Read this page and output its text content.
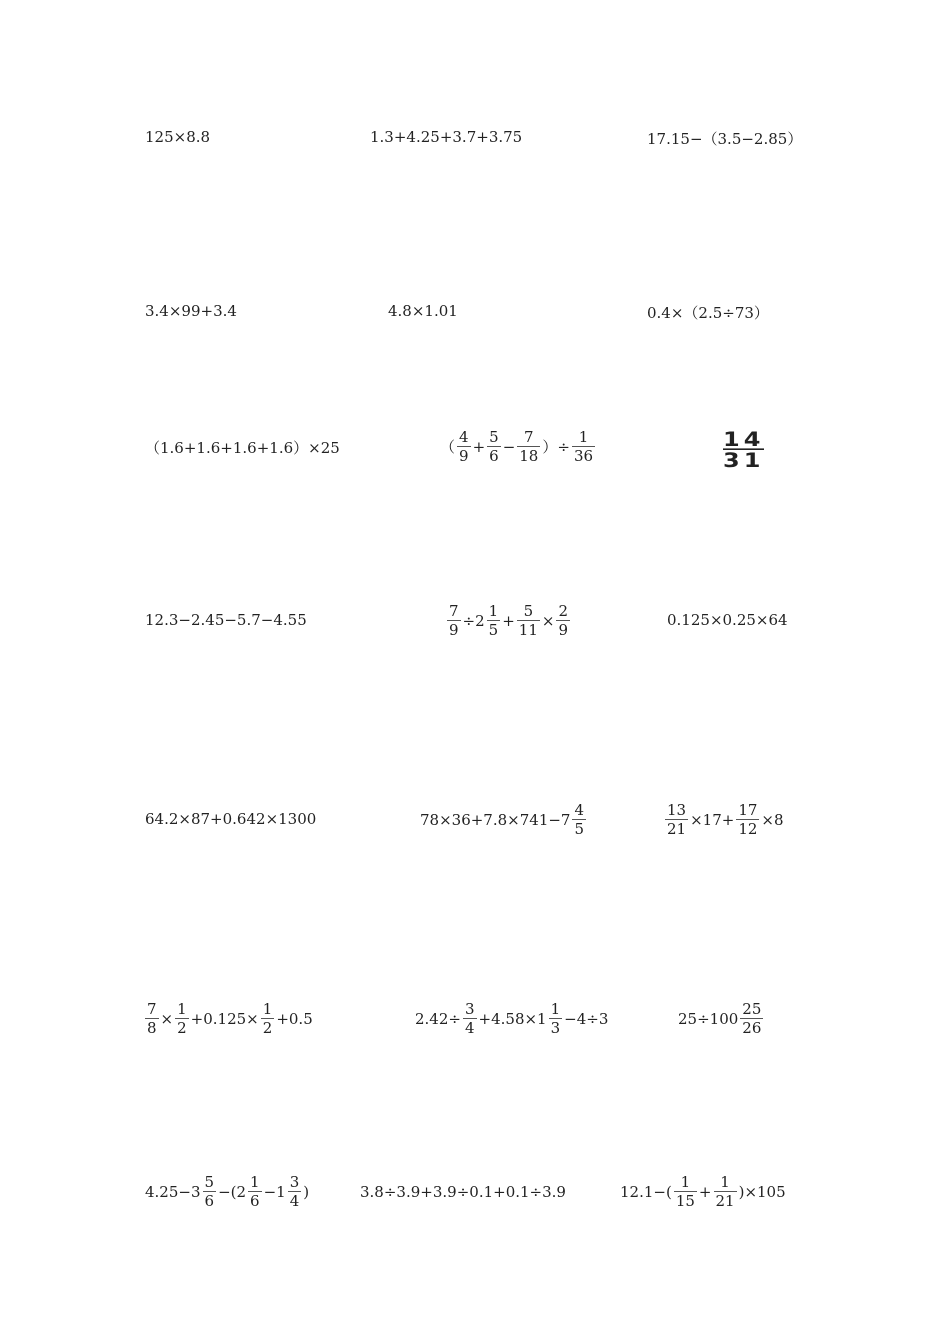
125×8.8	1.3+4.25+3.7+3.75	17.15−（3.5−2.85）
3.4×99+3.4	4.8×1.01	0.4×（2.5÷73）
（1.6+1.6+1.6+1.6）×25	（ $\frac{4}{9} + \frac{5}{6} - \frac{7}{18}$ ）÷ $\frac{1}{36}$	$\frac{14}{31}$
12.3−2.45−5.7−4.55	$\frac{7}{9} \div 2 \frac{1}{5} + \frac{5}{11} \times \frac{2}{9}$	0.125×0.25×64
64.2×87+0.642×1300	$78\times 36+7.8\times 741-7 \frac{4}{5}$	$\frac{13}{21} \times 17+ \frac{17}{12} \times 8$
$\frac{7}{8} \times \frac{1}{2} +0.125\times \frac{1}{2} +0.5$	$2.42\div \frac{3}{4} +4.58\times 1 \frac{1}{3} -4\div 3$	$25\div 100 \frac{25}{26}$
$4.25-3 \frac{5}{6} -(2 \frac{1}{6} -1 \frac{3}{4}$ )	3.8÷3.9+3.9÷0.1+0.1÷3.9	$12.1-( \frac{1}{15} + \frac{1}{21} )\times 105$
